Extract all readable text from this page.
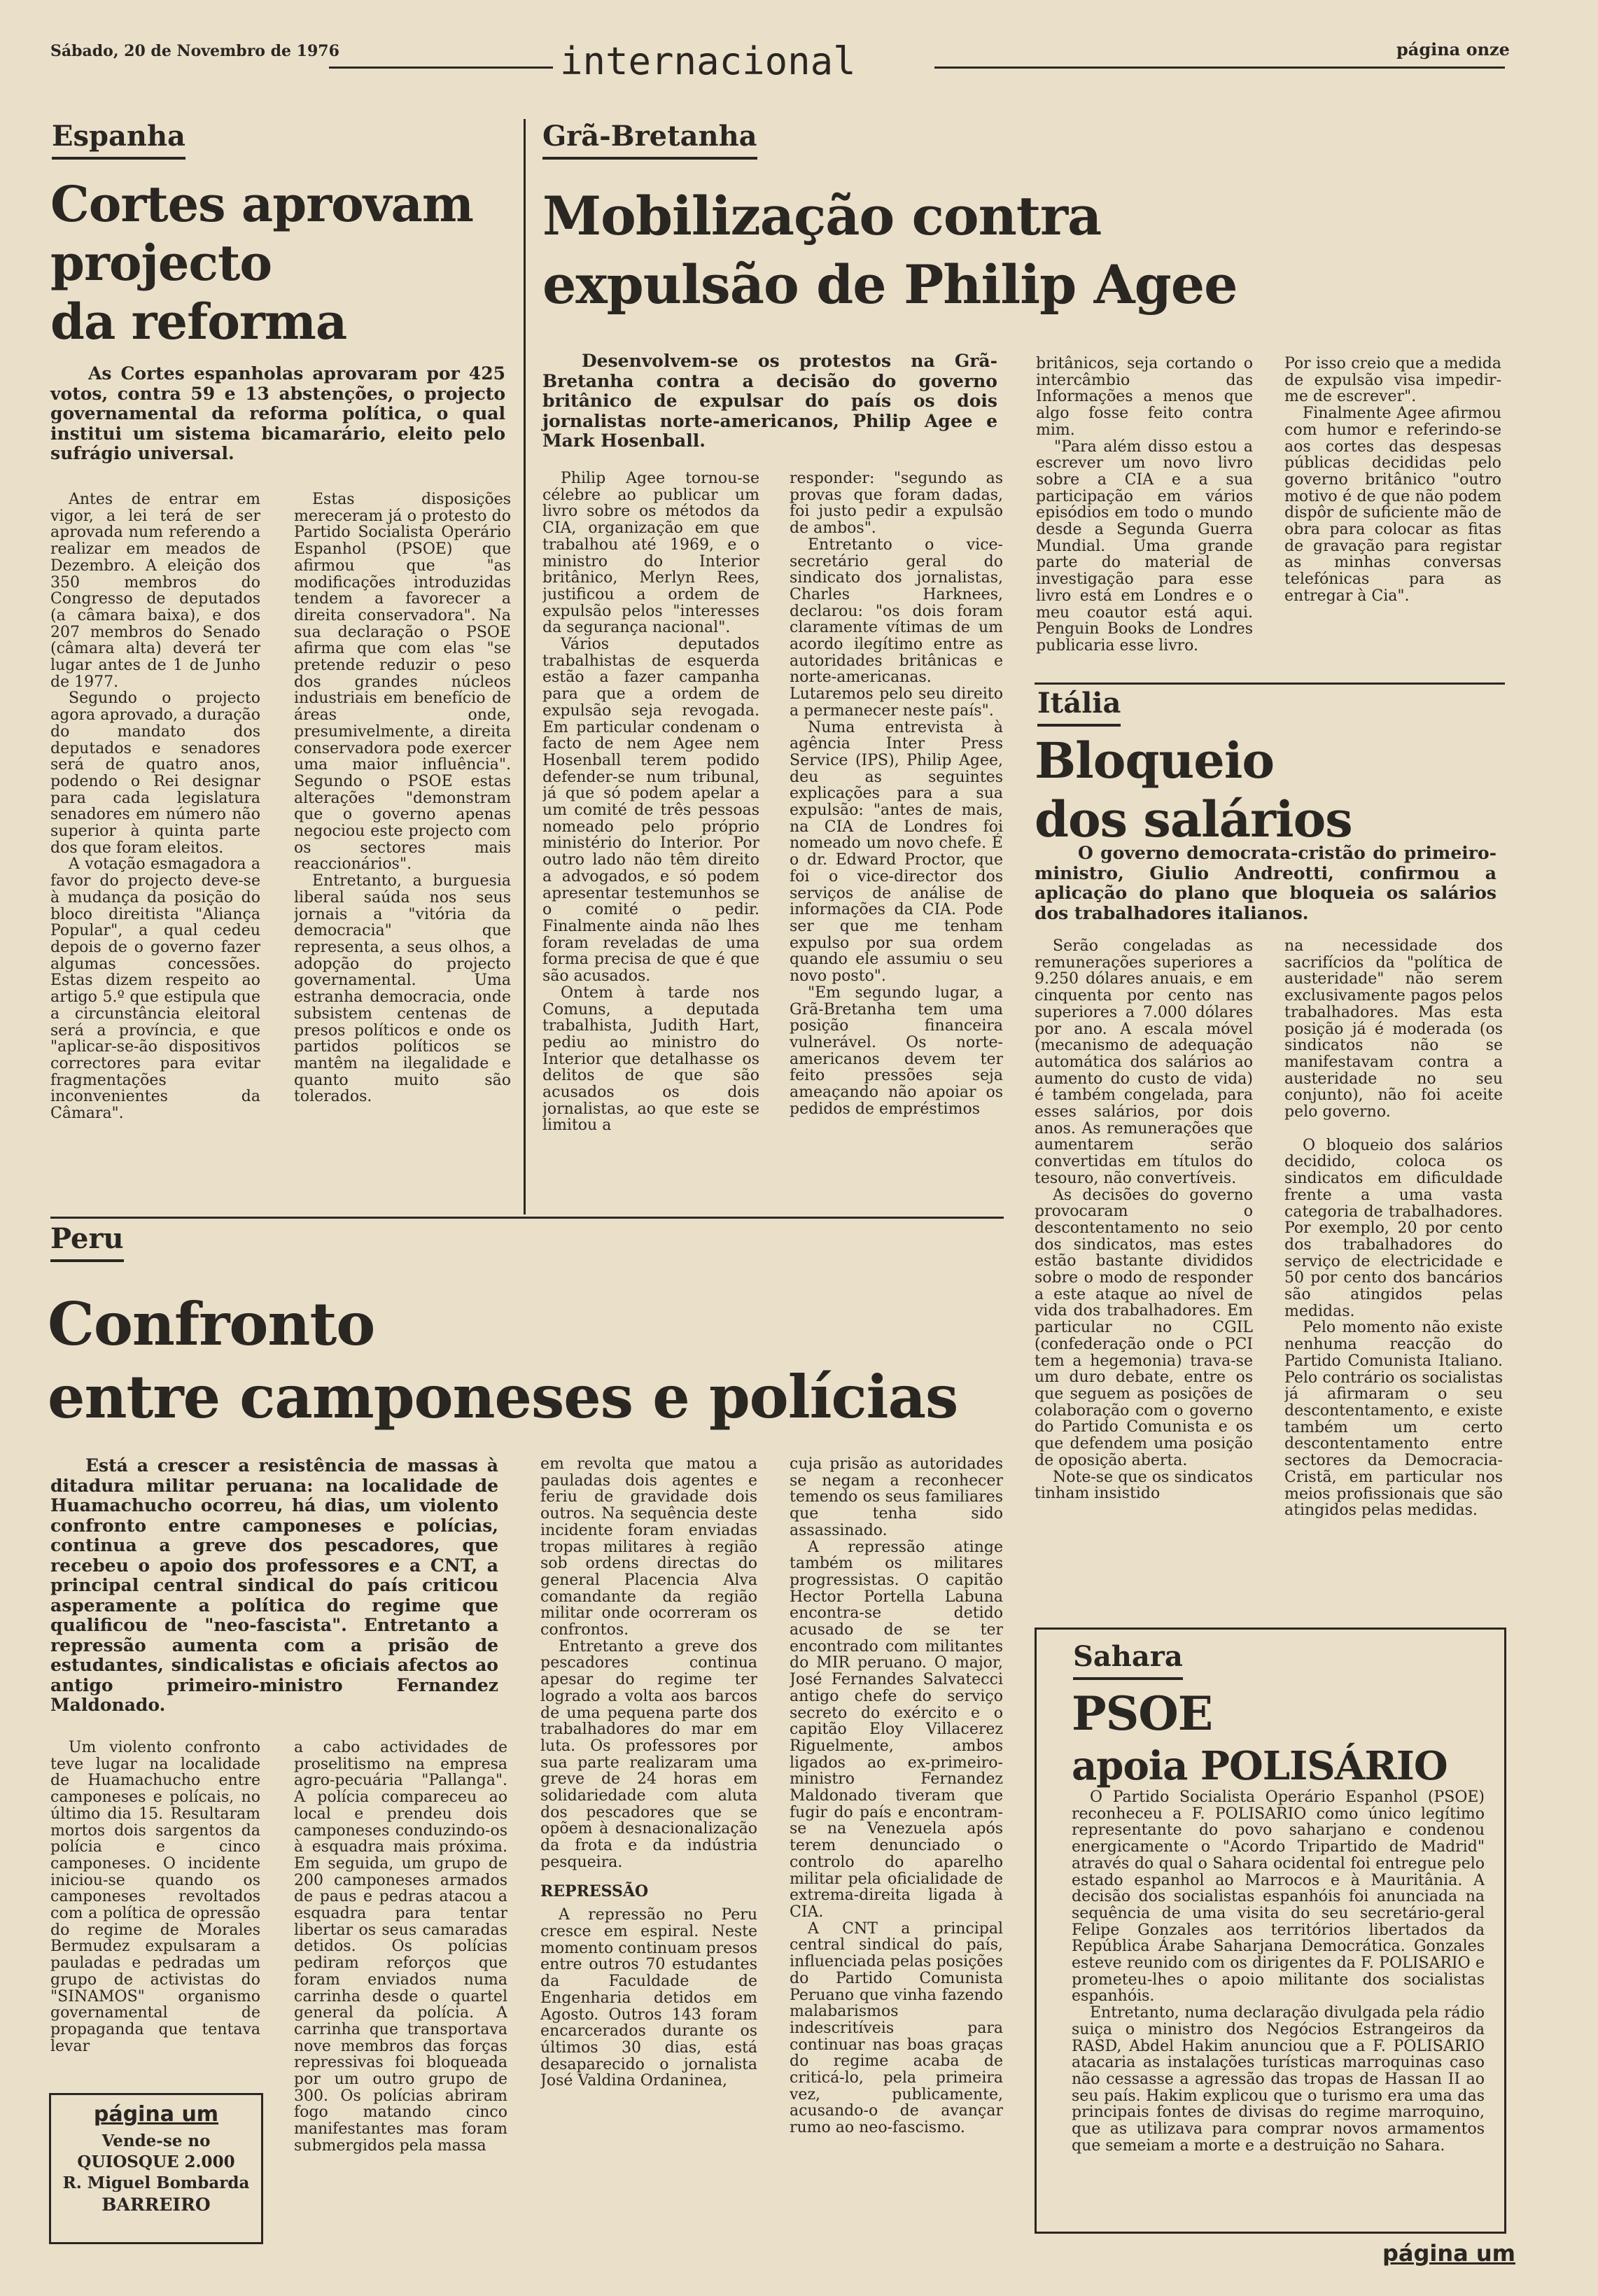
Sábado, 20 de Novembro de 1976	internacional	página onze
Espanha
Cortes aprovam
projecto
da reforma

As Cortes espanholas aprovaram por 425 votos, contra 59 e 13 abstenções, o projecto governamental da reforma política, o qual institui um sistema bicamarário, eleito pelo sufrágio universal.

Antes de entrar em vigor, a lei terá de ser aprovada num referendo a realizar em meados de Dezembro. A eleição dos 350 membros do Congresso de deputados (a câmara baixa), e dos 207 membros do Senado (câmara alta) deverá ter lugar antes de 1 de Junho de 1977.

Segundo o projecto agora aprovado, a duração do mandato dos deputados e senadores será de quatro anos, podendo o Rei designar para cada legislatura senadores em número não superior à quinta parte dos que foram eleitos.

A votação esmagadora a favor do projecto deve-se à mudança da posição do bloco direitista "Aliança Popular", a qual cedeu depois de o governo fazer algumas concessões. Estas dizem respeito ao artigo 5.º que estipula que a circunstância eleitoral será a província, e que "aplicar-se-ão dispositivos correctores para evitar fragmentações inconvenientes da Câmara".

Estas disposições mereceram já o protesto do Partido Socialista Operário Espanhol (PSOE) que afirmou que "as modificações introduzidas tendem a favorecer a direita conservadora". Na sua declaração o PSOE afirma que com elas "se pretende reduzir o peso dos grandes núcleos industriais em benefício de áreas onde, presumivelmente, a direita conservadora pode exercer uma maior influência". Segundo o PSOE estas alterações "demonstram que o governo apenas negociou este projecto com os sectores mais reaccionários".

Entretanto, a burguesia liberal saúda nos seus jornais a "vitória da democracia" que representa, a seus olhos, a adopção do projecto governamental. Uma estranha democracia, onde subsistem centenas de presos políticos e onde os partidos políticos se mantêm na ilegalidade e quanto muito são tolerados.

Grã-Bretanha
Mobilização contra
expulsão de Philip Agee

Desenvolvem-se os protestos na Grã-Bretanha contra a decisão do governo britânico de expulsar do país os dois jornalistas norte-americanos, Philip Agee e Mark Hosenball.

Philip Agee tornou-se célebre ao publicar um livro sobre os métodos da CIA, organização em que trabalhou até 1969, e o ministro do Interior britânico, Merlyn Rees, justificou a ordem de expulsão pelos "interesses da segurança nacional".

Vários deputados trabalhistas de esquerda estão a fazer campanha para que a ordem de expulsão seja revogada. Em particular condenam o facto de nem Agee nem Hosenball terem podido defender-se num tribunal, já que só podem apelar a um comité de três pessoas nomeado pelo próprio ministério do Interior. Por outro lado não têm direito a advogados, e só podem apresentar testemunhos se o comité o pedir. Finalmente ainda não lhes foram reveladas de uma forma precisa de que é que são acusados.

Ontem à tarde nos Comuns, a deputada trabalhista, Judith Hart, pediu ao ministro do Interior que detalhasse os delitos de que são acusados os dois jornalistas, ao que este se limitou a

responder: "segundo as provas que foram dadas, foi justo pedir a expulsão de ambos".

Entretanto o vice-secretário geral do sindicato dos jornalistas, Charles Harknees, declarou: "os dois foram claramente vítimas de um acordo ilegítimo entre as autoridades britânicas e norte-americanas. Lutaremos pelo seu direito a permanecer neste país".

Numa entrevista à agência Inter Press Service (IPS), Philip Agee, deu as seguintes explicações para a sua expulsão: "antes de mais, na CIA de Londres foi nomeado um novo chefe. É o dr. Edward Proctor, que foi o vice-director dos serviços de análise de informações da CIA. Pode ser que me tenham expulso por sua ordem quando ele assumiu o seu novo posto".

"Em segundo lugar, a Grã-Bretanha tem uma posição financeira vulnerável. Os norte-americanos devem ter feito pressões seja ameaçando não apoiar os pedidos de empréstimos

britânicos, seja cortando o intercâmbio das Informações a menos que algo fosse feito contra mim.

"Para além disso estou a escrever um novo livro sobre a CIA e a sua participação em vários episódios em todo o mundo desde a Segunda Guerra Mundial. Uma grande parte do material de investigação para esse livro está em Londres e o meu coautor está aqui. Penguin Books de Londres publicaria esse livro.

Por isso creio que a medida de expulsão visa impedir-me de escrever".

Finalmente Agee afirmou com humor e referindo-se aos cortes das despesas públicas decididas pelo governo britânico "outro motivo é de que não podem dispôr de suficiente mão de obra para colocar as fitas de gravação para registar as minhas conversas telefónicas para as entregar à Cia".

Itália
Bloqueio
dos salários

O governo democrata-cristão do primeiro-ministro, Giulio Andreotti, confirmou a aplicação do plano que bloqueia os salários dos trabalhadores italianos.

Serão congeladas as remunerações superiores a 9.250 dólares anuais, e em cinquenta por cento nas superiores a 7.000 dólares por ano. A escala móvel (mecanismo de adequação automática dos salários ao aumento do custo de vida) é também congelada, para esses salários, por dois anos. As remunerações que aumentarem serão convertidas em títulos do tesouro, não convertíveis.

As decisões do governo provocaram o descontentamento no seio dos sindicatos, mas estes estão bastante divididos sobre o modo de responder a este ataque ao nível de vida dos trabalhadores. Em particular no CGIL (confederação onde o PCI tem a hegemonia) trava-se um duro debate, entre os que seguem as posições de colaboração com o governo do Partido Comunista e os que defendem uma posição de oposição aberta.

Note-se que os sindicatos tinham insistido

na necessidade dos sacrifícios da "política de austeridade" não serem exclusivamente pagos pelos trabalhadores. Mas esta posição já é moderada (os sindicatos não se manifestavam contra a austeridade no seu conjunto), não foi aceite pelo governo.

O bloqueio dos salários decidido, coloca os sindicatos em dificuldade frente a uma vasta categoria de trabalhadores. Por exemplo, 20 por cento dos trabalhadores do serviço de electricidade e 50 por cento dos bancários são atingidos pelas medidas.

Pelo momento não existe nenhuma reacção do Partido Comunista Italiano. Pelo contrário os socialistas já afirmaram o seu descontentamento, e existe também um certo descontentamento entre sectores da Democracia-Cristã, em particular nos meios profissionais que são atingidos pelas medidas.

Peru
Confronto
entre camponeses e polícias

Está a crescer a resistência de massas à ditadura militar peruana: na localidade de Huamachucho ocorreu, há dias, um violento confronto entre camponeses e polícias, continua a greve dos pescadores, que recebeu o apoio dos professores e a CNT, a principal central sindical do país criticou asperamente a política do regime que qualificou de "neo-fascista". Entretanto a repressão aumenta com a prisão de estudantes, sindicalistas e oficiais afectos ao antigo primeiro-ministro Fernandez Maldonado.

Um violento confronto teve lugar na localidade de Huamachucho entre camponeses e polícais, no último dia 15. Resultaram mortos dois sargentos da polícia e cinco camponeses. O incidente iniciou-se quando os camponeses revoltados com a política de opressão do regime de Morales Bermudez expulsaram a pauladas e pedradas um grupo de activistas do "SINAMOS" organismo governamental de propaganda que tentava levar

a cabo actividades de proselitismo na empresa agro-pecuária "Pallanga". A polícia compareceu ao local e prendeu dois camponeses conduzindo-os à esquadra mais próxima. Em seguida, um grupo de 200 camponeses armados de paus e pedras atacou a esquadra para tentar libertar os seus camaradas detidos. Os polícias pediram reforços que foram enviados numa carrinha desde o quartel general da polícia. A carrinha que transportava nove membros das forças repressivas foi bloqueada por um outro grupo de 300. Os polícias abriram fogo matando cinco manifestantes mas foram submergidos pela massa

em revolta que matou a pauladas dois agentes e feriu de gravidade dois outros. Na sequência deste incidente foram enviadas tropas militares à região sob ordens directas do general Placencia Alva comandante da região militar onde ocorreram os confrontos.

Entretanto a greve dos pescadores continua apesar do regime ter logrado a volta aos barcos de uma pequena parte dos trabalhadores do mar em luta. Os professores por sua parte realizaram uma greve de 24 horas em solidariedade com aluta dos pescadores que se opõem à desnacionalização da frota e da indústria pesqueira.

REPRESSÃO

A repressão no Peru cresce em espiral. Neste momento continuam presos entre outros 70 estudantes da Faculdade de Engenharia detidos em Agosto. Outros 143 foram encarcerados durante os últimos 30 dias, está desaparecido o jornalista José Valdina Ordaninea,

cuja prisão as autoridades se negam a reconhecer temendo os seus familiares que tenha sido assassinado.

A repressão atinge também os militares progressistas. O capitão Hector Portella Labuna encontra-se detido acusado de se ter encontrado com militantes do MIR peruano. O major, José Fernandes Salvatecci antigo chefe do serviço secreto do exército e o capitão Eloy Villacerez Riguelmente, ambos ligados ao ex-primeiro-ministro Fernandez Maldonado tiveram que fugir do país e encontram-se na Venezuela após terem denunciado o controlo do aparelho militar pela oficialidade de extrema-direita ligada à CIA.

A CNT a principal central sindical do país, influenciada pelas posições do Partido Comunista Peruano que vinha fazendo malabarismos indescritíveis para continuar nas boas graças do regime acaba de criticá-lo, pela primeira vez, publicamente, acusando-o de avançar rumo ao neo-fascismo.

página um
Vende-se no
QUIOSQUE 2.000
R. Miguel Bombarda
BARREIRO
Sahara
PSOE
apoia POLISÁRIO

O Partido Socialista Operário Espanhol (PSOE) reconheceu a F. POLISARIO como único legítimo representante do povo saharjano e condenou energicamente o "Acordo Tripartido de Madrid" através do qual o Sahara ocidental foi entregue pelo estado espanhol ao Marrocos e à Mauritânia. A decisão dos socialistas espanhóis foi anunciada na sequência de uma visita do seu secretário-geral Felipe Gonzales aos territórios libertados da República Árabe Saharjana Democrática. Gonzales esteve reunido com os dirigentes da F. POLISARIO e prometeu-lhes o apoio militante dos socialistas espanhóis.

Entretanto, numa declaração divulgada pela rádio suiça o ministro dos Negócios Estrangeiros da RASD, Abdel Hakim anunciou que a F. POLISARIO atacaria as instalações turísticas marroquinas caso não cessasse a agressão das tropas de Hassan II ao seu país. Hakim explicou que o turismo era uma das principais fontes de divisas do regime marroquino, que as utilizava para comprar novos armamentos que semeiam a morte e a destruição no Sahara.

página um
